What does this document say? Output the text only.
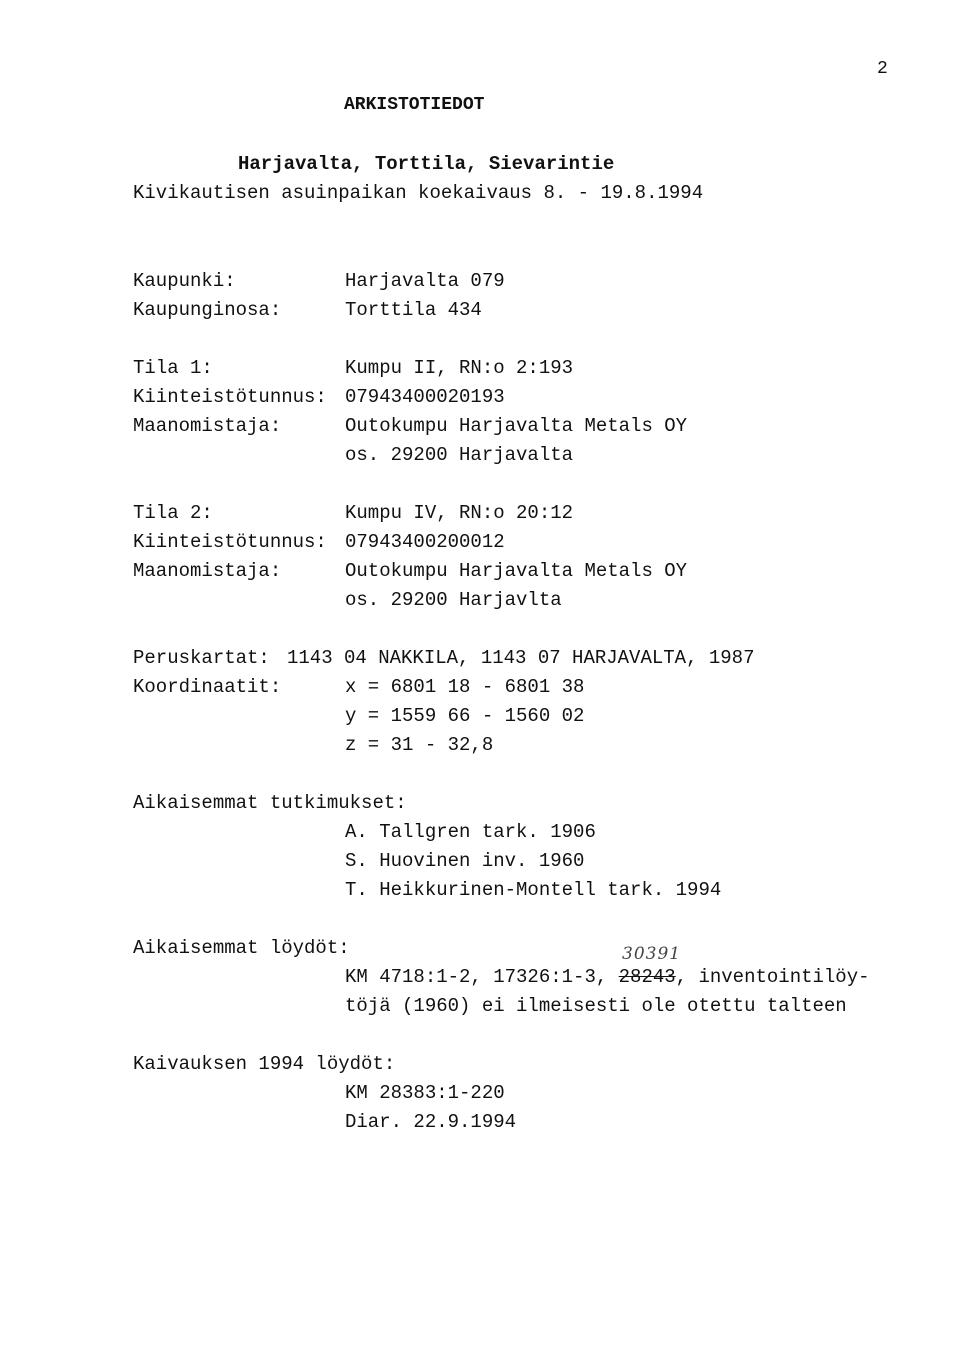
2
ARKISTOTIEDOT
Harjavalta, Torttila, Sievarintie
Kivikautisen asuinpaikan koekaivaus 8. - 19.8.1994
Kaupunki:	Harjavalta 079
Kaupunginosa:	Torttila 434
Tila 1:	Kumpu II, RN:o 2:193
Kiinteistötunnus: 07943400020193
Maanomistaja:	Outokumpu Harjavalta Metals OY
os. 29200 Harjavalta
Tila 2:	Kumpu IV, RN:o 20:12
Kiinteistötunnus: 07943400200012
Maanomistaja:	Outokumpu Harjavalta Metals OY
os. 29200 Harjavlta
Peruskartat: 1143 04 NAKKILA, 1143 07 HARJAVALTA, 1987
Koordinaatit:	x = 6801 18 - 6801 38
y = 1559 66 - 1560 02
z = 31 - 32,8
Aikaisemmat tutkimukset:
A. Tallgren tark. 1906
S. Huovinen inv. 1960
T. Heikkurinen-Montell tark. 1994
Aikaisemmat löydöt:	30391
KM 4718:1-2, 17326:1-3, 28243, inventointilöy-
töjä (1960) ei ilmeisesti ole otettu talteen
Kaivauksen 1994 löydöt:
KM 28383:1-220
Diar. 22.9.1994
